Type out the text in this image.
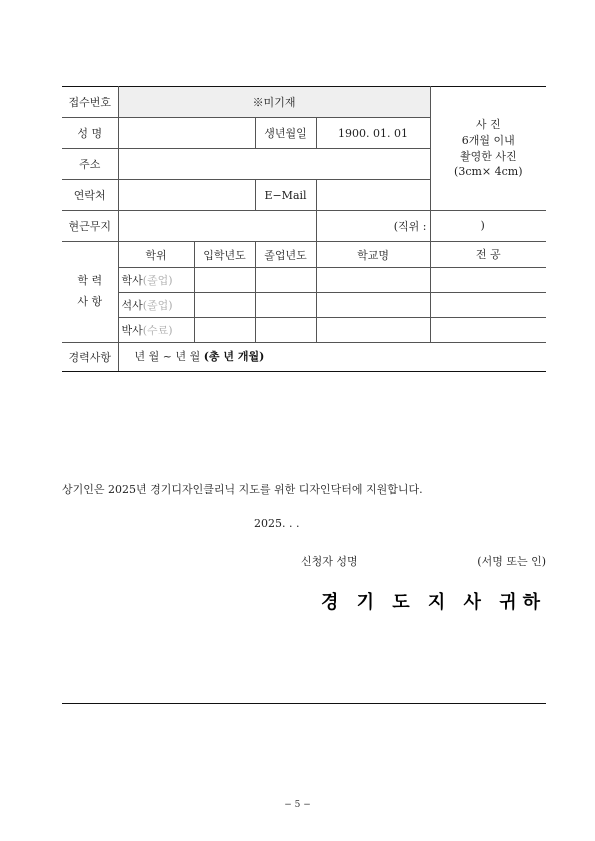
접수번호	※미기재				사 진
6개월 이내
촬영한 사진
(3cm× 4cm)

성 명			생년월일	1900. 01. 01	
주소					
연락처			E−Mail		
현근무지				(직위 :	)

학 력
사 항	학위	입학년도	졸업년도	학교명	전 공
	학사(졸업)				
	석사(졸업)				
	박사(수료)				
경력사항	년 월 ~ 년 월 (총 년 개월)				
상기인은 2025년 경기디자인클리닉 지도를 위한 디자인닥터에 지원합니다.
2025. . .
신청자 성명	(서명 또는 인)
경 기 도 지 사 귀하
− 5 −
